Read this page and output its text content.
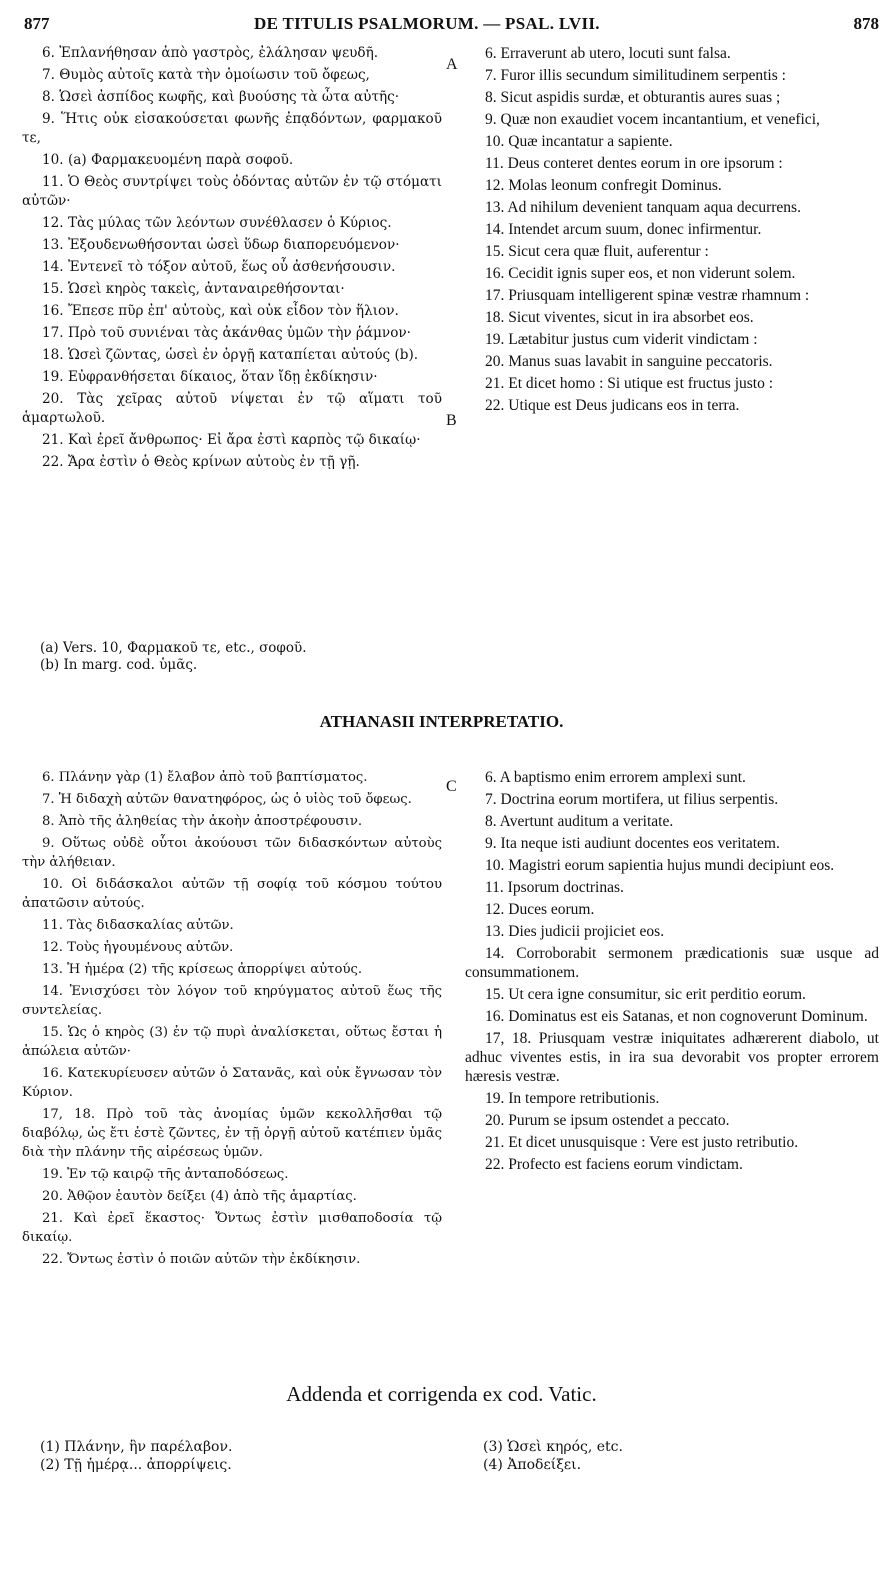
877	DE TITULIS PSALMORUM. — PSAL. LVII.	878

6. Ἐπλανήθησαν ἀπὸ γαστρὸς, ἐλάλησαν ψευδῆ.

7. Θυμὸς αὐτοῖς κατὰ τὴν ὁμοίωσιν τοῦ ὄφεως,

8. Ὡσεὶ ἀσπίδος κωφῆς, καὶ βυούσης τὰ ὦτα αὐτῆς·

9. Ἥτις οὐκ εἰσακούσεται φωνῆς ἐπᾳδόντων, φαρμακοῦ τε,

10. (a) Φαρμακευομένη παρὰ σοφοῦ.

11. Ὁ Θεὸς συντρίψει τοὺς ὀδόντας αὐτῶν ἐν τῷ στόματι αὐτῶν·

12. Τὰς μύλας τῶν λεόντων συνέθλασεν ὁ Κύριος.

13. Ἐξουδενωθήσονται ὡσεὶ ὕδωρ διαπορευόμενον·

14. Ἐντενεῖ τὸ τόξον αὐτοῦ, ἕως οὗ ἀσθενήσουσιν.

15. Ὡσεὶ κηρὸς τακεὶς, ἀνταναιρεθήσονται·

16. Ἔπεσε πῦρ ἐπ' αὐτοὺς, καὶ οὐκ εἶδον τὸν ἥλιον.

17. Πρὸ τοῦ συνιέναι τὰς ἀκάνθας ὑμῶν τὴν ῥάμνον·

18. Ὡσεὶ ζῶντας, ὡσεὶ ἐν ὀργῇ καταπίεται αὐτούς (b).

19. Εὐφρανθήσεται δίκαιος, ὅταν ἴδῃ ἐκδίκησιν·

20. Τὰς χεῖρας αὐτοῦ νίψεται ἐν τῷ αἵματι τοῦ ἁμαρτωλοῦ.

21. Καὶ ἐρεῖ ἄνθρωπος· Εἰ ἄρα ἐστὶ καρπὸς τῷ δικαίῳ·

22. Ἄρα ἐστὶν ὁ Θεὸς κρίνων αὐτοὺς ἐν τῇ γῇ.

A
B

6. Erraverunt ab utero, locuti sunt falsa.

7. Furor illis secundum similitudinem serpentis :

8. Sicut aspidis surdæ, et obturantis aures suas ;

9. Quæ non exaudiet vocem incantantium, et venefici,

10. Quæ incantatur a sapiente.

11. Deus conteret dentes eorum in ore ipsorum :

12. Molas leonum confregit Dominus.

13. Ad nihilum devenient tanquam aqua decurrens.

14. Intendet arcum suum, donec infirmentur.

15. Sicut cera quæ fluit, auferentur :

16. Cecidit ignis super eos, et non viderunt solem.

17. Priusquam intelligerent spinæ vestræ rhamnum :

18. Sicut viventes, sicut in ira absorbet eos.

19. Lætabitur justus cum viderit vindictam :

20. Manus suas lavabit in sanguine peccatoris.

21. Et dicet homo : Si utique est fructus justo :

22. Utique est Deus judicans eos in terra.

(a) Vers. 10, Φαρμακοῦ τε, etc., σοφοῦ.
(b) In marg. cod. ὑμᾶς.
ATHANASII INTERPRETATIO.

6. Πλάνην γὰρ (1) ἔλαβον ἀπὸ τοῦ βαπτίσματος.

7. Ἡ διδαχὴ αὐτῶν θανατηφόρος, ὡς ὁ υἱὸς τοῦ ὄφεως.

8. Ἀπὸ τῆς ἀληθείας τὴν ἀκοὴν ἀποστρέφουσιν.

9. Οὕτως οὐδὲ οὗτοι ἀκούουσι τῶν διδασκόντων αὐτοὺς τὴν ἀλήθειαν.

10. Οἱ διδάσκαλοι αὐτῶν τῇ σοφίᾳ τοῦ κόσμου τούτου ἀπατῶσιν αὐτούς.

11. Τὰς διδασκαλίας αὐτῶν.

12. Τοὺς ἡγουμένους αὐτῶν.

13. Ἡ ἡμέρα (2) τῆς κρίσεως ἀπορρίψει αὐτούς.

14. Ἐνισχύσει τὸν λόγον τοῦ κηρύγματος αὐτοῦ ἕως τῆς συντελείας.

15. Ὡς ὁ κηρὸς (3) ἐν τῷ πυρὶ ἀναλίσκεται, οὕτως ἔσται ἡ ἀπώλεια αὐτῶν·

16. Κατεκυρίευσεν αὐτῶν ὁ Σατανᾶς, καὶ οὐκ ἔγνωσαν τὸν Κύριον.

17, 18. Πρὸ τοῦ τὰς ἀνομίας ὑμῶν κεκολλῆσθαι τῷ διαβόλῳ, ὡς ἔτι ἐστὲ ζῶντες, ἐν τῇ ὀργῇ αὐτοῦ κατέπιεν ὑμᾶς διὰ τὴν πλάνην τῆς αἱρέσεως ὑμῶν.

19. Ἐν τῷ καιρῷ τῆς ἀνταποδόσεως.

20. Ἀθῷον ἑαυτὸν δείξει (4) ἀπὸ τῆς ἁμαρτίας.

21. Καὶ ἐρεῖ ἕκαστος· Ὄντως ἐστὶν μισθαποδοσία τῷ δικαίῳ.

22. Ὄντως ἐστὶν ὁ ποιῶν αὐτῶν τὴν ἐκδίκησιν.

C

6. A baptismo enim errorem amplexi sunt.

7. Doctrina eorum mortifera, ut filius serpentis.

8. Avertunt auditum a veritate.

9. Ita neque isti audiunt docentes eos veritatem.

10. Magistri eorum sapientia hujus mundi decipiunt eos.

11. Ipsorum doctrinas.

12. Duces eorum.

13. Dies judicii projiciet eos.

14. Corroborabit sermonem prædicationis suæ usque ad consummationem.

15. Ut cera igne consumitur, sic erit perditio eorum.

16. Dominatus est eis Satanas, et non cognoverunt Dominum.

17, 18. Priusquam vestræ iniquitates adhærerent diabolo, ut adhuc viventes estis, in ira sua devorabit vos propter errorem hæresis vestræ.

19. In tempore retributionis.

20. Purum se ipsum ostendet a peccato.

21. Et dicet unusquisque : Vere est justo retributio.

22. Profecto est faciens eorum vindictam.

Addenda et corrigenda ex cod. Vatic.
(1) Πλάνην, ἣν παρέλαβον.
(2) Τῇ ἡμέρᾳ... ἀπορρίψεις.
(3) Ὡσεὶ κηρός, etc.
(4) Ἀποδείξει.
